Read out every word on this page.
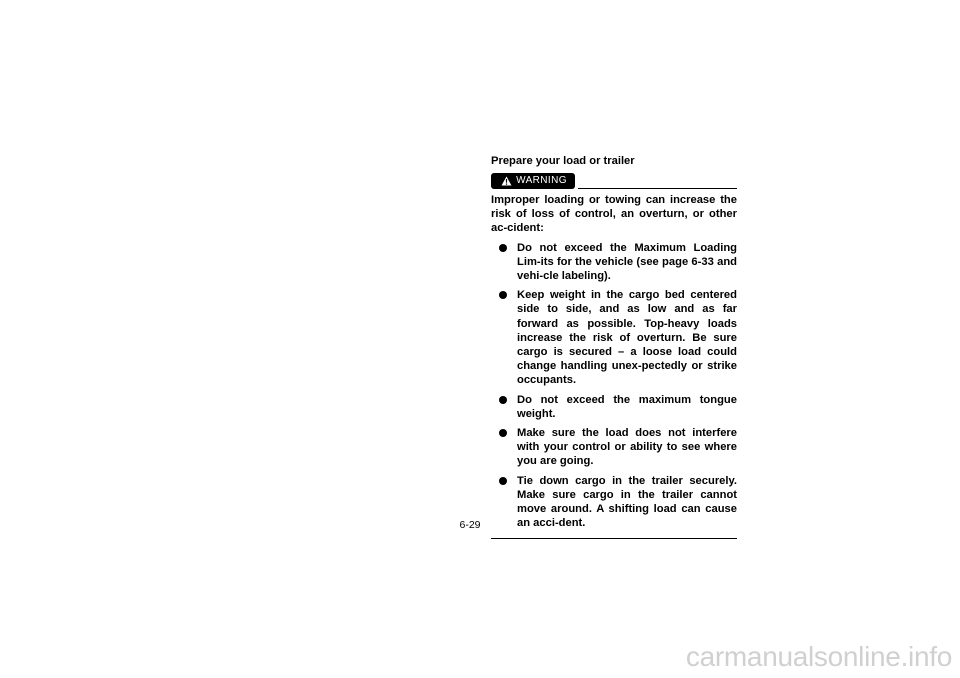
Prepare your load or trailer
WARNING

Improper loading or towing can increase the risk of loss of control, an overturn, or other ac-cident:

Do not exceed the Maximum Loading Lim-its for the vehicle (see page 6-33 and vehi-cle labeling).
Keep weight in the cargo bed centered side to side, and as low and as far forward as possible. Top-heavy loads increase the risk of overturn. Be sure cargo is secured – a loose load could change handling unex-pectedly or strike occupants.
Do not exceed the maximum tongue weight.
Make sure the load does not interfere with your control or ability to see where you are going.
Tie down cargo in the trailer securely. Make sure cargo in the trailer cannot move around. A shifting load can cause an acci-dent.
6-29
carmanualsonline.info
